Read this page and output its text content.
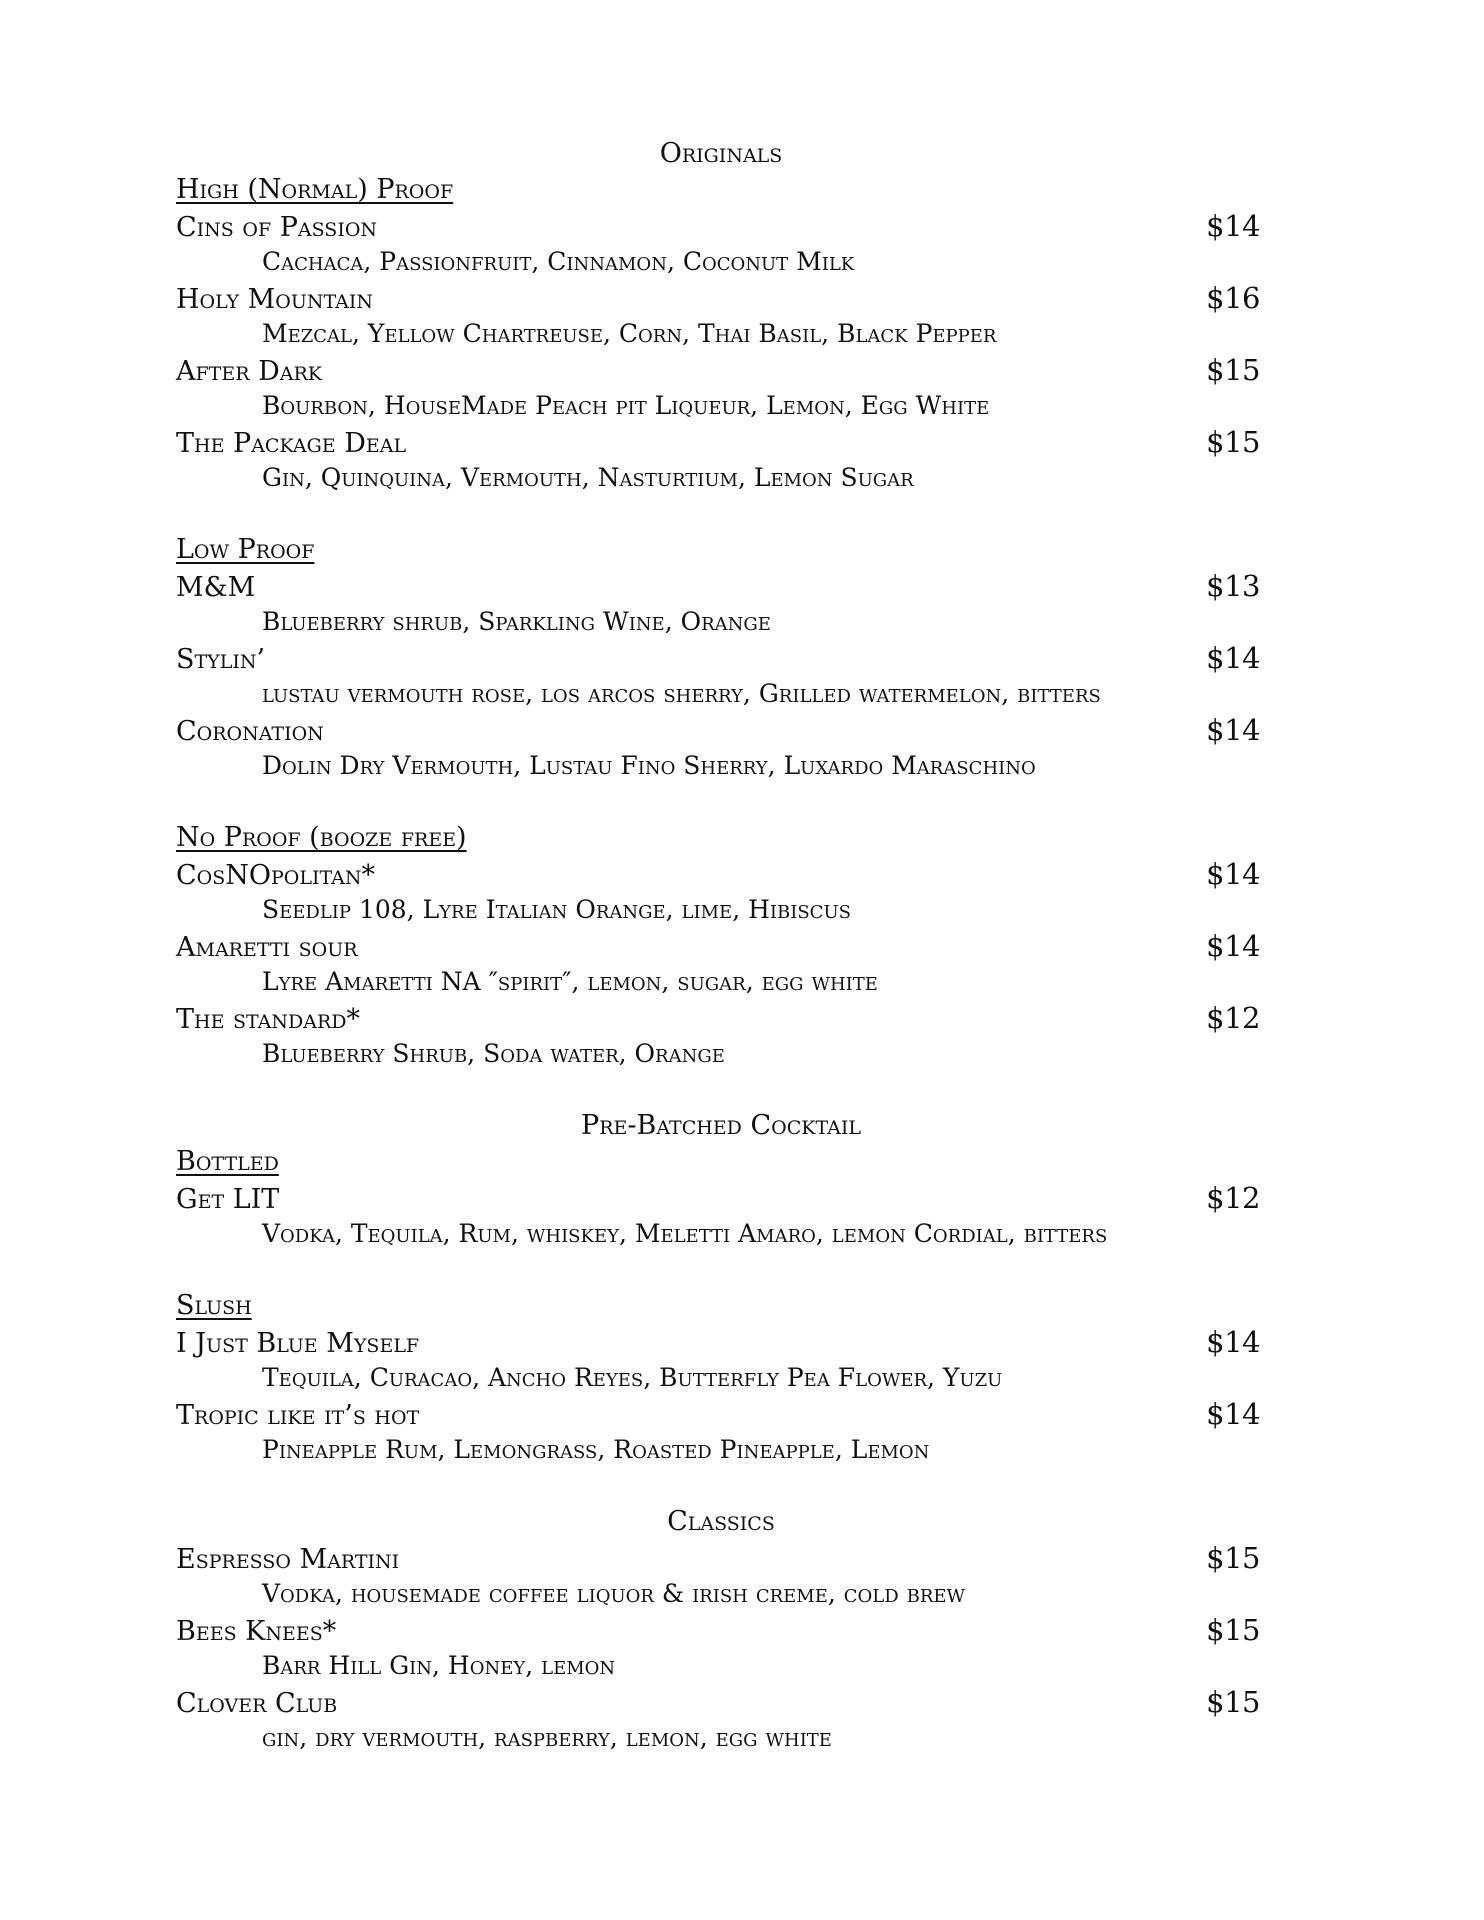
Originals
High (Normal) Proof
Cins of Passion	$14
Cachaca, Passionfruit, Cinnamon, Coconut Milk
Holy Mountain	$16
Mezcal, Yellow Chartreuse, Corn, Thai Basil, Black Pepper
After Dark	$15
Bourbon, HouseMade Peach pit Liqueur, Lemon, Egg White
The Package Deal	$15
Gin, Quinquina, Vermouth, Nasturtium, Lemon Sugar
Low Proof
M&M	$13
Blueberry shrub, Sparkling Wine, Orange
Stylin’	$14
lustau vermouth rose, los arcos sherry, Grilled watermelon, bitters
Coronation	$14
Dolin Dry Vermouth, Lustau Fino Sherry, Luxardo Maraschino
No Proof (booze free)
CosNOpolitan*	$14
Seedlip 108, Lyre Italian Orange, lime, Hibiscus
Amaretti sour	$14
Lyre Amaretti NA ″spirit″, lemon, sugar, egg white
The standard*	$12
Blueberry Shrub, Soda water, Orange
Pre-Batched Cocktail
Bottled
Get LIT	$12
Vodka, Tequila, Rum, whiskey, Meletti Amaro, lemon Cordial, bitters
Slush
I Just Blue Myself	$14
Tequila, Curacao, Ancho Reyes, Butterfly Pea Flower, Yuzu
Tropic like it’s hot	$14
Pineapple Rum, Lemongrass, Roasted Pineapple, Lemon
Classics
Espresso Martini	$15
Vodka, housemade coffee liquor & irish creme, cold brew
Bees Knees*	$15
Barr Hill Gin, Honey, lemon
Clover Club	$15
gin, dry vermouth, raspberry, lemon, egg white
